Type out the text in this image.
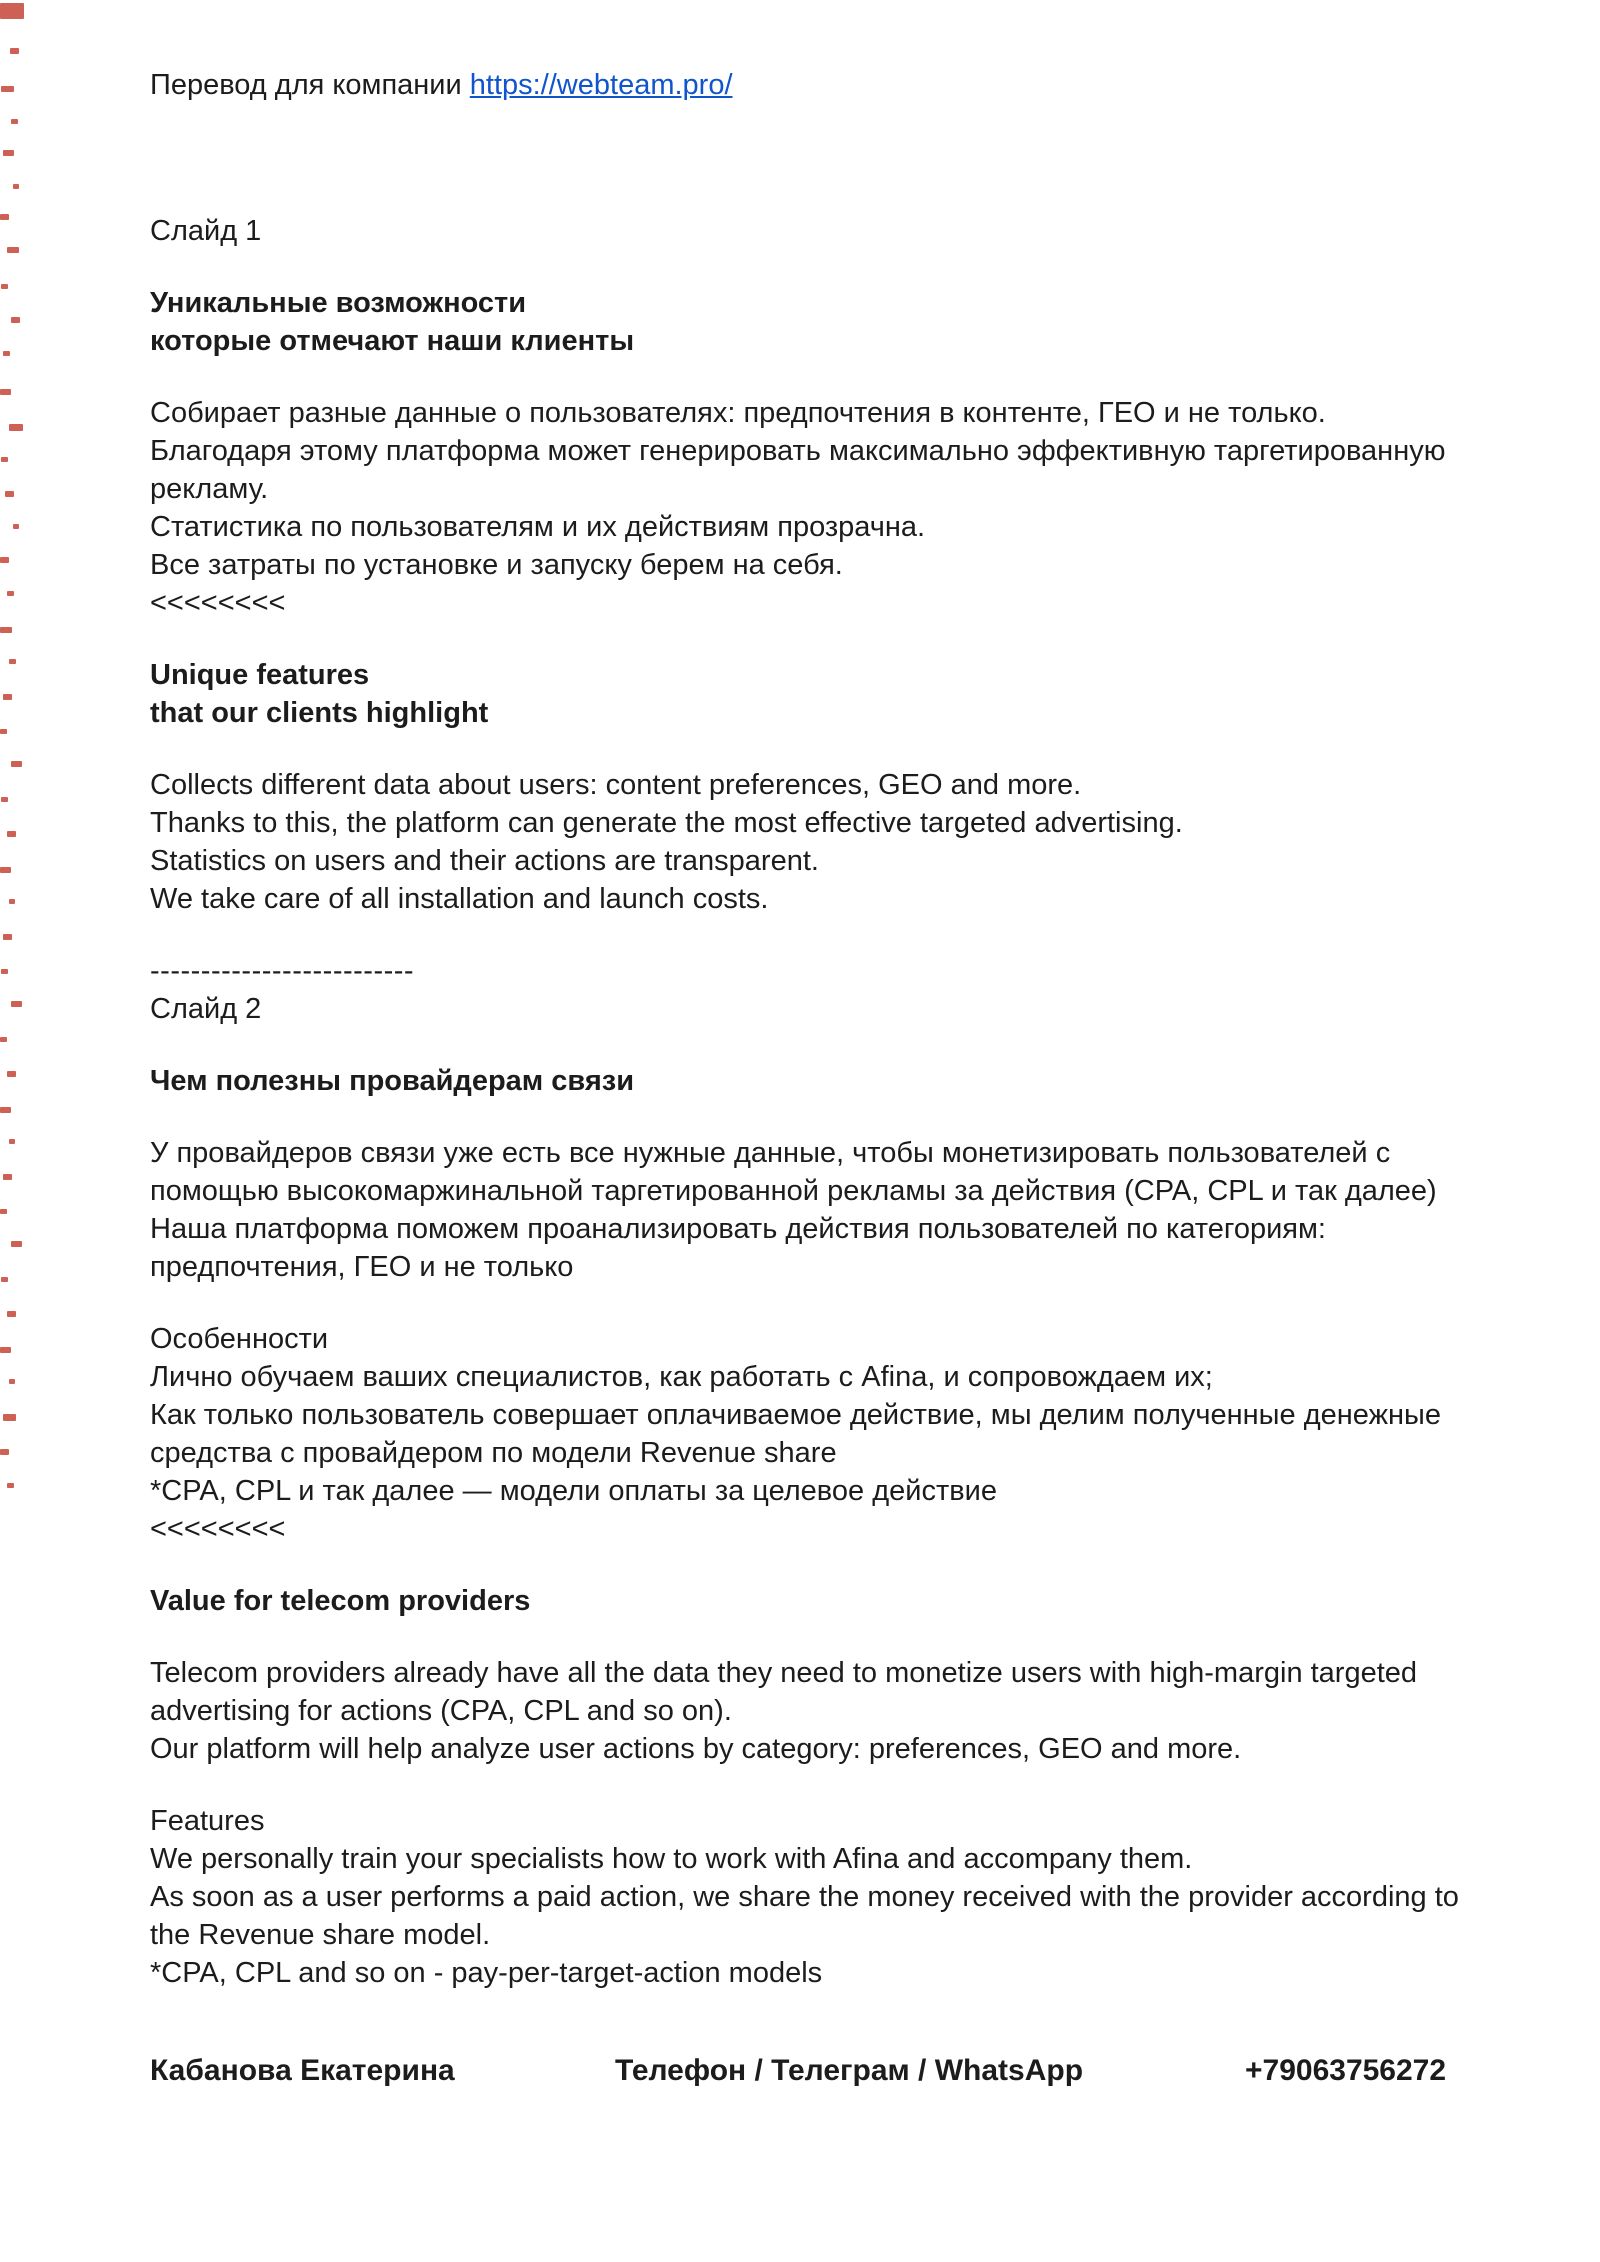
Перевод для компании https://webteam.pro/

Слайд 1

Уникальные возможности

которые отмечают наши клиенты

Собирает разные данные о пользователях: предпочтения в контенте, ГЕО и не только.

Благодаря этому платформа может генерировать максимально эффективную таргетированную рекламу.

Статистика по пользователям и их действиям прозрачна.

Все затраты по установке и запуску берем на себя.

<<<<<<<<

Unique features

that our clients highlight

Collects different data about users: content preferences, GEO and more.

Thanks to this, the platform can generate the most effective targeted advertising.

Statistics on users and their actions are transparent.

We take care of all installation and launch costs.

--------------------------

Слайд 2

Чем полезны провайдерам связи

У провайдеров связи уже есть все нужные данные, чтобы монетизировать пользователей с помощью высокомаржинальной таргетированной рекламы за действия (CPA, CPL и так далее)

Наша платформа поможем проанализировать действия пользователей по категориям: предпочтения, ГЕО и не только

Особенности

Лично обучаем ваших специалистов, как работать с Afina, и сопровождаем их;

Как только пользователь совершает оплачиваемое действие, мы делим полученные денежные средства с провайдером по модели Revenue share

*CPA, CPL и так далее — модели оплаты за целевое действие

<<<<<<<<

Value for telecom providers

Telecom providers already have all the data they need to monetize users with high-margin targeted advertising for actions (CPA, CPL and so on).

Our platform will help analyze user actions by category: preferences, GEO and more.

Features

We personally train your specialists how to work with Afina and accompany them.

As soon as a user performs a paid action, we share the money received with the provider according to the Revenue share model.

*CPA, CPL and so on - pay-per-target-action models

Кабанова Екатерина	Телефон / Телеграм / WhatsApp	+79063756272
